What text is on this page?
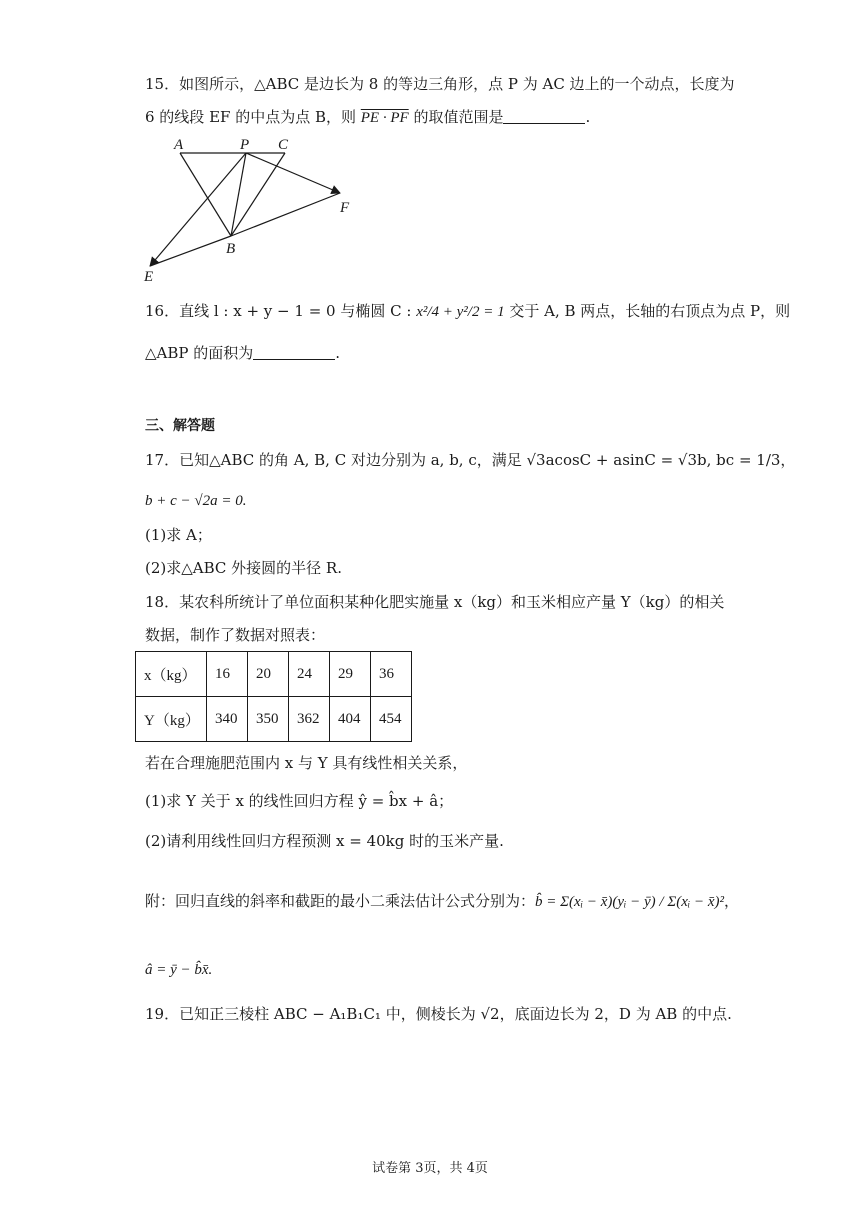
15．如图所示，△ABC 是边长为 8 的等边三角形，点 P 为 AC 边上的一个动点，长度为
6 的线段 EF 的中点为点 B，则 PE · PF 的取值范围是	.
A	P C
F
B
E
16．直线 l : x + y − 1 = 0 与椭圆 C : x²/4 + y²/2 = 1 交于 A, B 两点，长轴的右顶点为点 P，则
△ABP 的面积为	.
三、解答题
17．已知△ABC 的角 A, B, C 对边分别为 a, b, c，满足 √3acosC + asinC = √3b, bc = 1/3，
b + c − √2a = 0.
(1)求 A；
(2)求△ABC 外接圆的半径 R.
18．某农科所统计了单位面积某种化肥实施量 x（kg）和玉米相应产量 Y（kg）的相关
数据，制作了数据对照表：
x（kg）	16	20	24	29	36
Y（kg）	340	350	362	404	454
若在合理施肥范围内 x 与 Y 具有线性相关关系，
(1)求 Y 关于 x 的线性回归方程 ŷ = b̂x + â；
(2)请利用线性回归方程预测 x = 40kg 时的玉米产量.
附：回归直线的斜率和截距的最小二乘法估计公式分别为：b̂ = Σ(xᵢ − x̄)(yᵢ − ȳ) / Σ(xᵢ − x̄)²，
â = ȳ − b̂x̄.
19．已知正三棱柱 ABC − A₁B₁C₁ 中，侧棱长为 √2，底面边长为 2，D 为 AB 的中点.
试卷第 3页，共 4页
